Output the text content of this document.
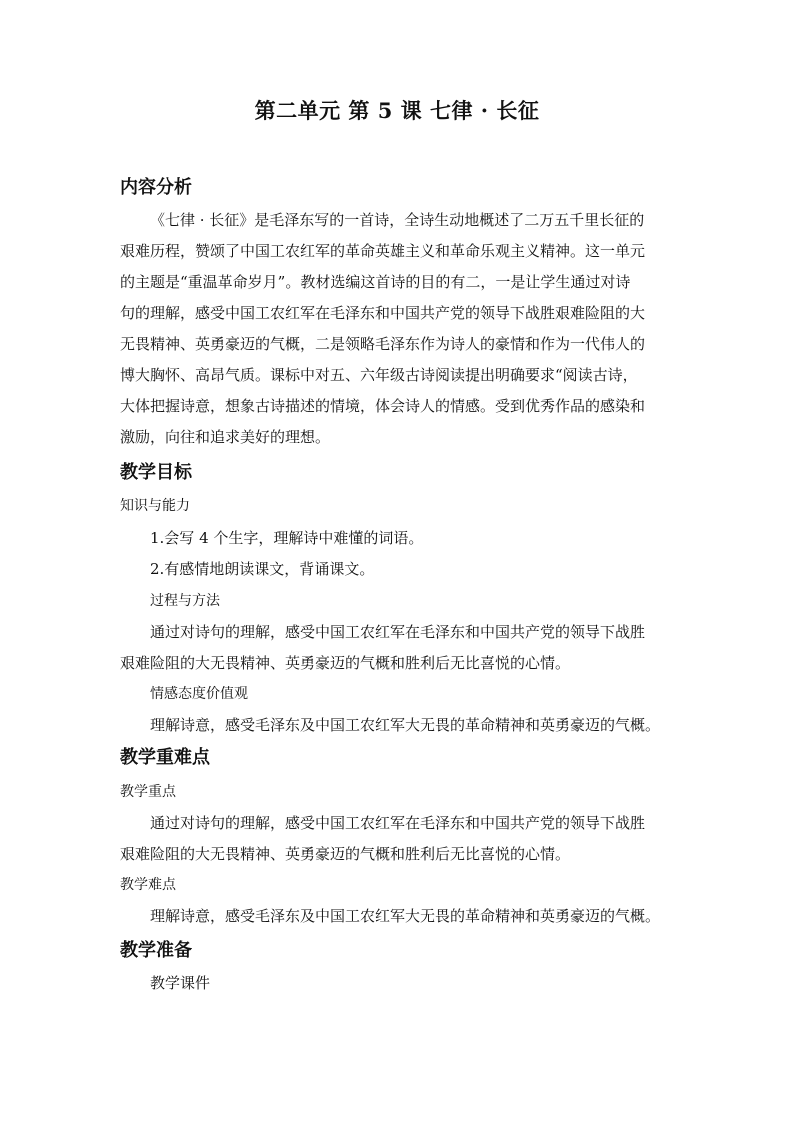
第二单元 第 5 课 七律 · 长征
内容分析
《七律 · 长征》是毛泽东写的一首诗，全诗生动地概述了二万五千里长征的
艰难历程，赞颂了中国工农红军的革命英雄主义和革命乐观主义精神。这一单元
的主题是“重温革命岁月”。教材选编这首诗的目的有二，一是让学生通过对诗
句的理解，感受中国工农红军在毛泽东和中国共产党的领导下战胜艰难险阻的大
无畏精神、英勇豪迈的气概，二是领略毛泽东作为诗人的豪情和作为一代伟人的
博大胸怀、高昂气质。课标中对五、六年级古诗阅读提出明确要求“阅读古诗，
大体把握诗意，想象古诗描述的情境，体会诗人的情感。受到优秀作品的感染和
激励，向往和追求美好的理想。
教学目标
知识与能力
1.会写 4 个生字，理解诗中难懂的词语。
2.有感情地朗读课文，背诵课文。
过程与方法
通过对诗句的理解，感受中国工农红军在毛泽东和中国共产党的领导下战胜
艰难险阻的大无畏精神、英勇豪迈的气概和胜利后无比喜悦的心情。
情感态度价值观
理解诗意，感受毛泽东及中国工农红军大无畏的革命精神和英勇豪迈的气概。
教学重难点
教学重点
通过对诗句的理解，感受中国工农红军在毛泽东和中国共产党的领导下战胜
艰难险阻的大无畏精神、英勇豪迈的气概和胜利后无比喜悦的心情。
教学难点
理解诗意，感受毛泽东及中国工农红军大无畏的革命精神和英勇豪迈的气概。
教学准备
教学课件
